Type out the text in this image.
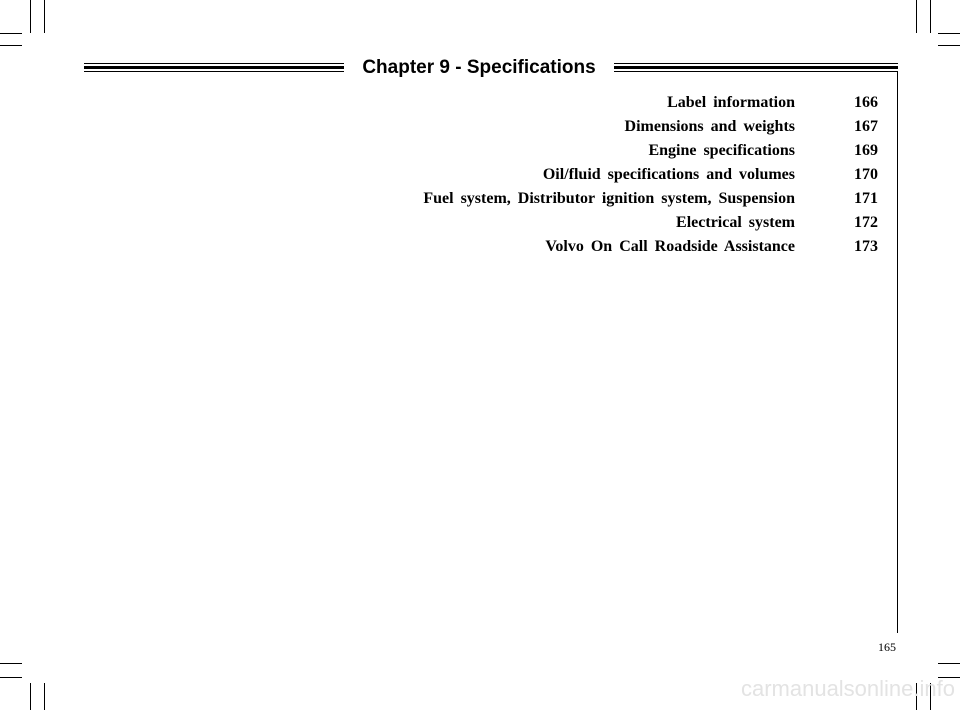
Chapter 9 - Specifications
Label information	166
Dimensions and weights	167
Engine specifications	169
Oil/fluid specifications and volumes	170
Fuel system, Distributor ignition system, Suspension	171
Electrical system	172
Volvo On Call Roadside Assistance	173
165
carmanualsonline.info
